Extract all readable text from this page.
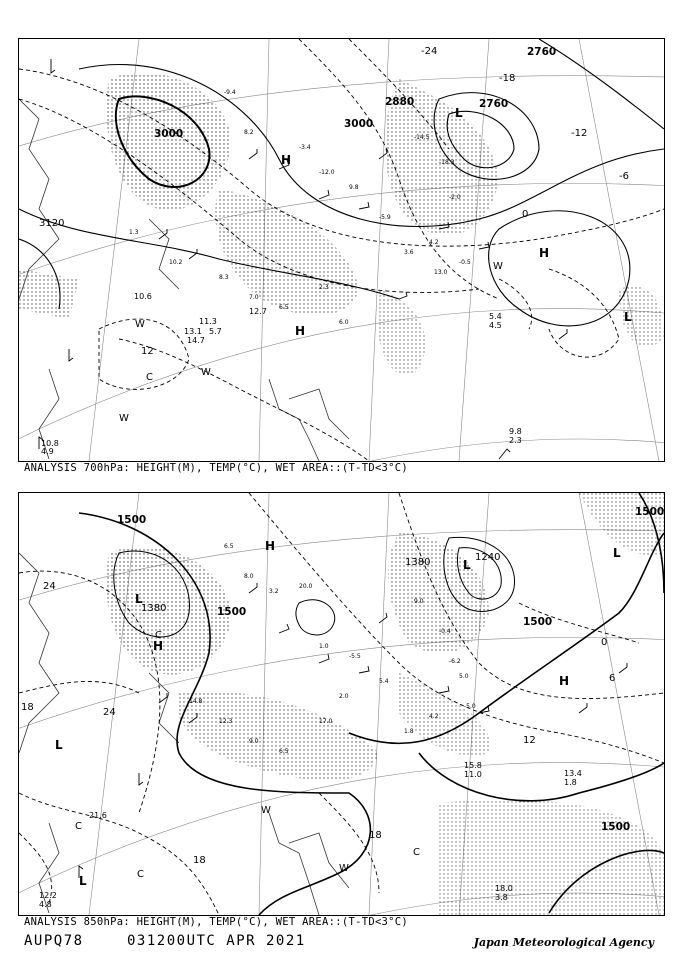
-9.4
8.2
-3.4
-12.0
9.8
-5.9
-14.5
-18.3
-2.0
1.3
10.2
8.3
7.0
6.5
2.3
6.0
4.2
13.0
3.6
-0.5
10.6
13.1
14.7
12.7
11.3
5.7
9.8
2.3
5.4
4.5
10.8
4.9
3000
3000
2880	2760
2760
3120
-24
-18
-12
-6
0
12
H
H
H
L
L
W
W
W
W
C
ANALYSIS 700hPa: HEIGHT(M), TEMP(°C), WET AREA::(T-TD<3°C)
6.5
8.0
3.2
20.0
1.0
-5.5
5.4
9.0
-0.4
-6.2
14.8
12.3
9.0
6.5
17.0
2.0
4.2
-5.0
1.8
5.0
15.8
11.0	13.4
1.8
18.0
3.8
12.2
4.8
21.6
1500
1500
1500
1500
1500
1380
1380	1240
24
24
18
18
18
12
6
0
H
H
H
L
L
L
L
L
W
W
C
C
C
C
ANALYSIS 850hPa: HEIGHT(M), TEMP(°C), WET AREA::(T-TD<3°C)
AUPQ78	031200UTC APR 2021	Japan Meteorological Agency
